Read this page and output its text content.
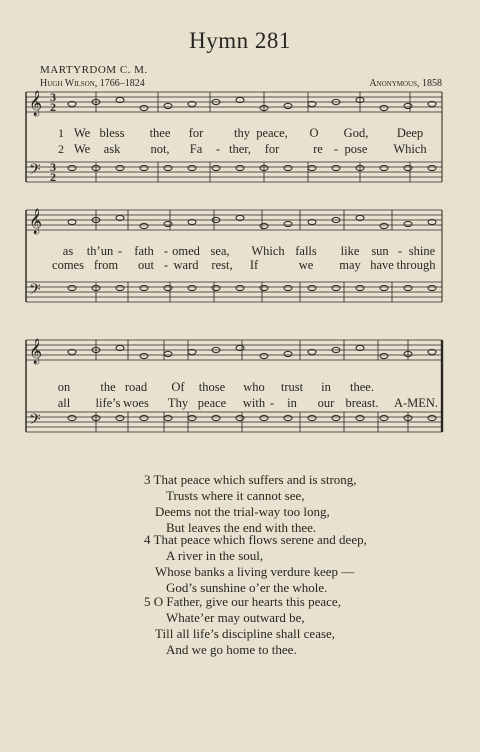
Hymn 281
MARTYRDOM C. M.
Hugh Wilson, 1766–1824	Anonymous, 1858
𝄞
𝄢
𝄞
𝄢
𝄞
𝄢
3
2
3
2
We bless thee for thy peace, O God, Deep
We ask not, Fa - ther, for	re - pose Which
1
2
as th’un - fath - omed sea, Which falls like sun - shine
comes from out - ward rest, If	we may have through
on the road Of those who trust in thee.
all life’s woes Thy peace with - in our breast. A-MEN.
3 That peace which suffers and is strong,
Trusts where it cannot see,
Deems not the trial-way too long,
But leaves the end with thee.
4 That peace which flows serene and deep,
A river in the soul,
Whose banks a living verdure keep —
God’s sunshine o’er the whole.
5 O Father, give our hearts this peace,
Whate’er may outward be,
Till all life’s discipline shall cease,
And we go home to thee.
